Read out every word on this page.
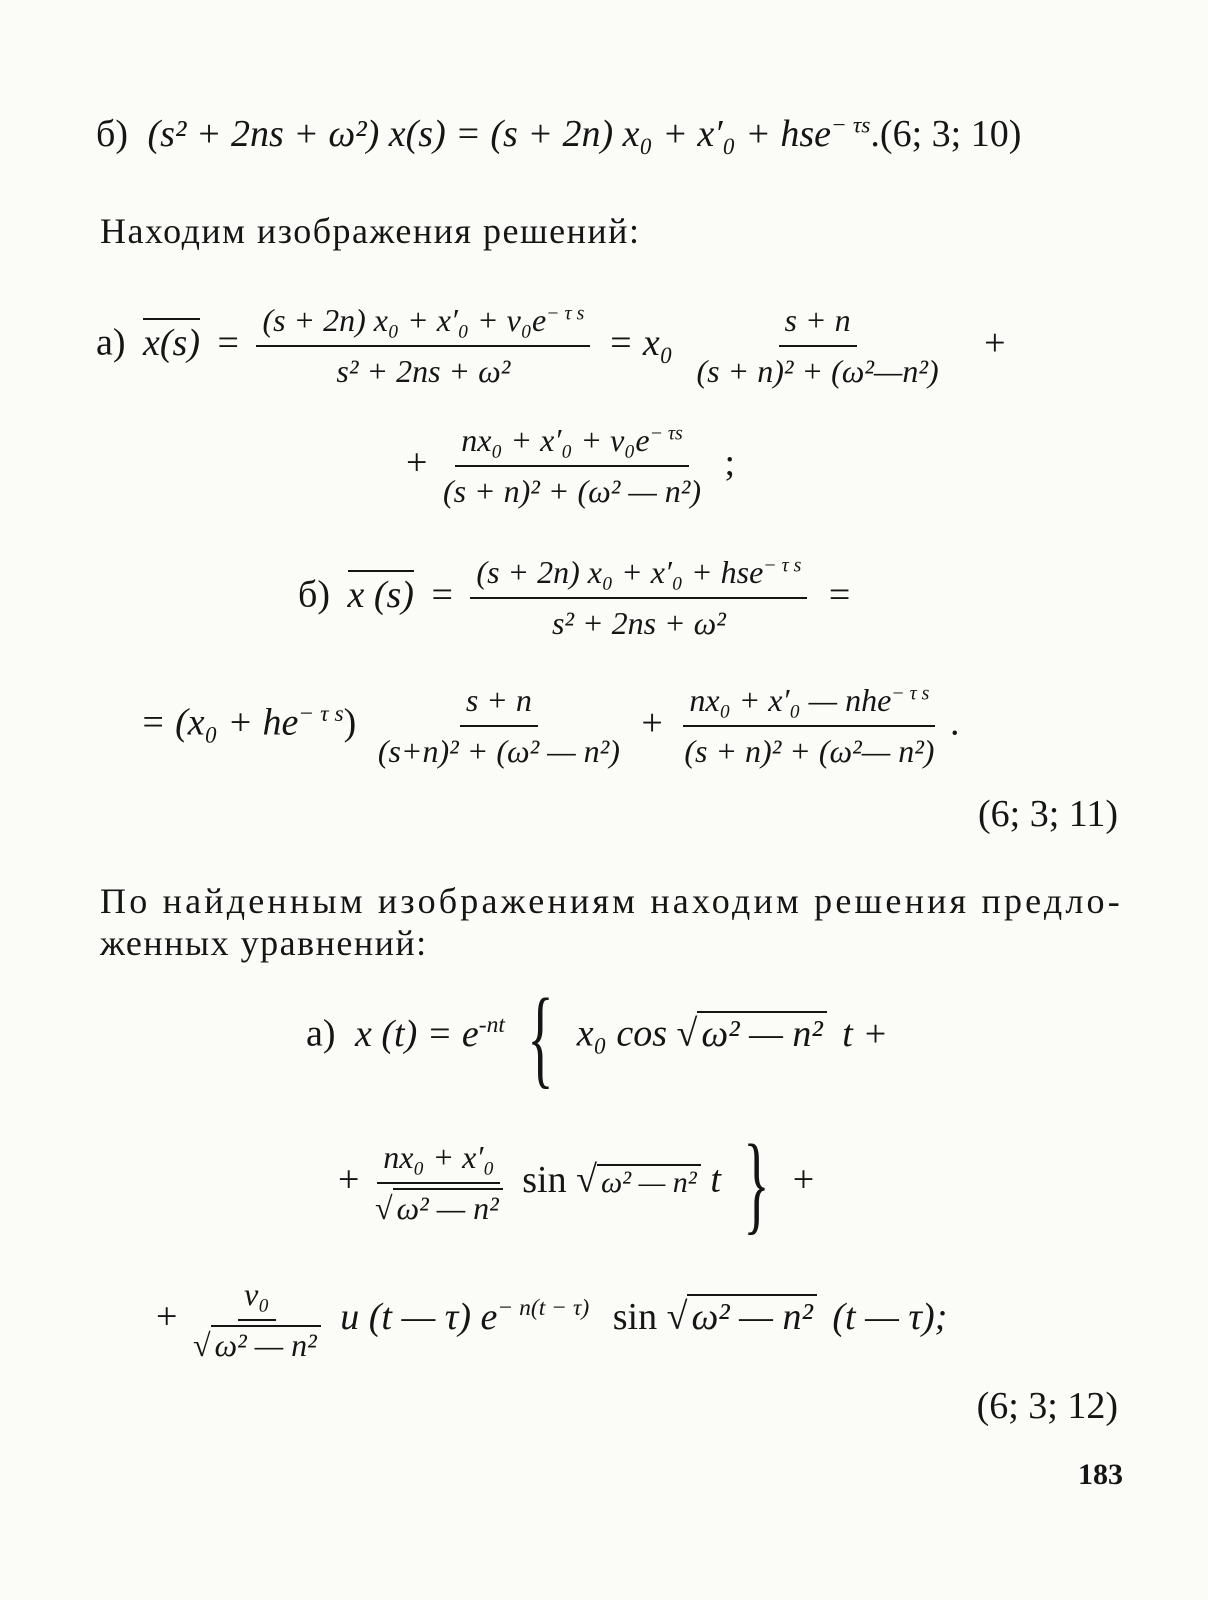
б) (s² + 2ns + ω²) x(s) = (s + 2n) x₀ + x′₀ + hse$^{- \tau s}$.(6; 3; 10)
Находим изображения решений:
а) $x(s) = \frac{(s + 2n) x_0 + x'_0 + v_0e^{- \tau s}}{\text{s² + 2ns + ω²}} = x_0 \frac{s + n}{\text{(s + n)² + (ω²—n²)}}$ +
+ $\frac{nx_0 + x'_0 + v_0e^{- \tau s}}{\text{(s + n)² + (ω² — n²)}}$ ;
б) x $(s) = \frac{(s + 2n) x_0 + x'_0 + hse^{- \tau s}}{\text{s² + 2ns + ω²}}$ =
= $(x_0 + he^{- \tau s}) \frac{s + n}{\text{(s+n)² + (ω² — n²)}} + \frac{nx_0 + x'_0 — nhe^{- \tau s}}{\text{(s + n)² + (ω²— n²)}}$ .
(6; 3; 11)
По найденным изображениям находим решения предло-
женных уравнений:
а) x $(t) = e^{-nt}$ { x₀ cos √ ω² — n² t +
+ $\frac{\text{nx₀ + x′₀}}{\text{√ ω² — n²}}$ sin √ ω² — n² t } +
+ $\frac{\text{v₀}}{\text{√ ω² — n²}}$ u (t — τ) $e^{- n(t - \tau)}$ sin √ ω² — n² (t — τ);
(6; 3; 12)
183
